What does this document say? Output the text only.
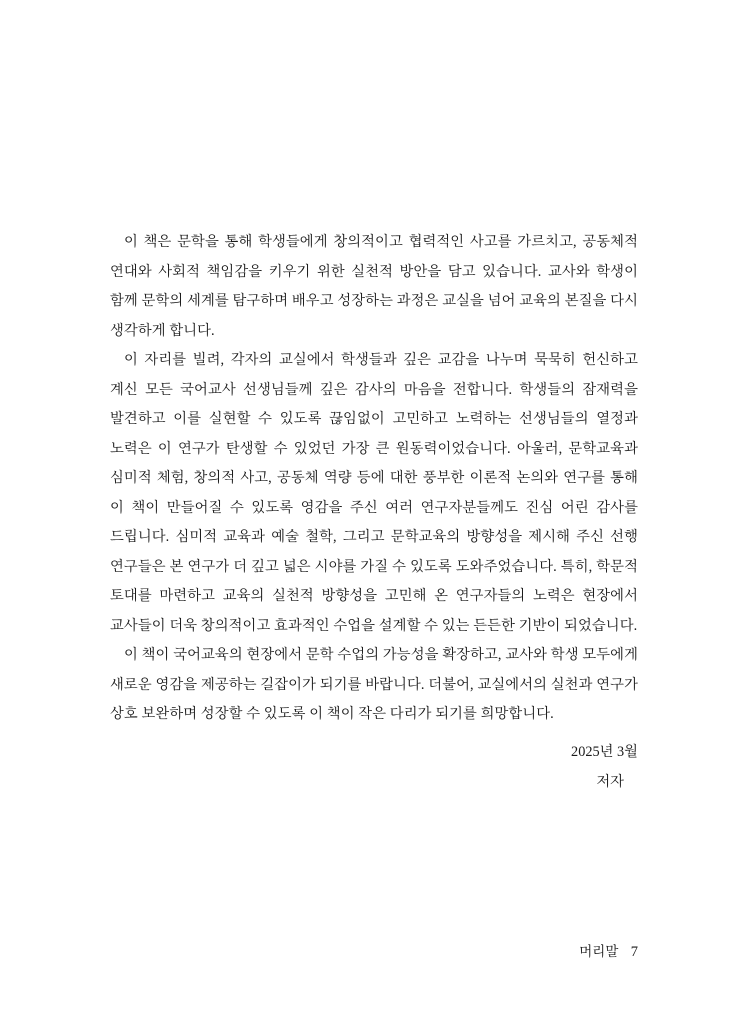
이 책은 문학을 통해 학생들에게 창의적이고 협력적인 사고를 가르치고, 공동체적 연대와 사회적 책임감을 키우기 위한 실천적 방안을 담고 있습니다. 교사와 학생이 함께 문학의 세계를 탐구하며 배우고 성장하는 과정은 교실을 넘어 교육의 본질을 다시 생각하게 합니다.

이 자리를 빌려, 각자의 교실에서 학생들과 깊은 교감을 나누며 묵묵히 헌신하고 계신 모든 국어교사 선생님들께 깊은 감사의 마음을 전합니다. 학생들의 잠재력을 발견하고 이를 실현할 수 있도록 끊임없이 고민하고 노력하는 선생님들의 열정과 노력은 이 연구가 탄생할 수 있었던 가장 큰 원동력이었습니다. 아울러, 문학교육과 심미적 체험, 창의적 사고, 공동체 역량 등에 대한 풍부한 이론적 논의와 연구를 통해 이 책이 만들어질 수 있도록 영감을 주신 여러 연구자분들께도 진심 어린 감사를 드립니다. 심미적 교육과 예술 철학, 그리고 문학교육의 방향성을 제시해 주신 선행 연구들은 본 연구가 더 깊고 넓은 시야를 가질 수 있도록 도와주었습니다. 특히, 학문적 토대를 마련하고 교육의 실천적 방향성을 고민해 온 연구자들의 노력은 현장에서 교사들이 더욱 창의적이고 효과적인 수업을 설계할 수 있는 든든한 기반이 되었습니다.

이 책이 국어교육의 현장에서 문학 수업의 가능성을 확장하고, 교사와 학생 모두에게 새로운 영감을 제공하는 길잡이가 되기를 바랍니다. 더불어, 교실에서의 실천과 연구가 상호 보완하며 성장할 수 있도록 이 책이 작은 다리가 되기를 희망합니다.

2025년 3월
저자
머리말 7
